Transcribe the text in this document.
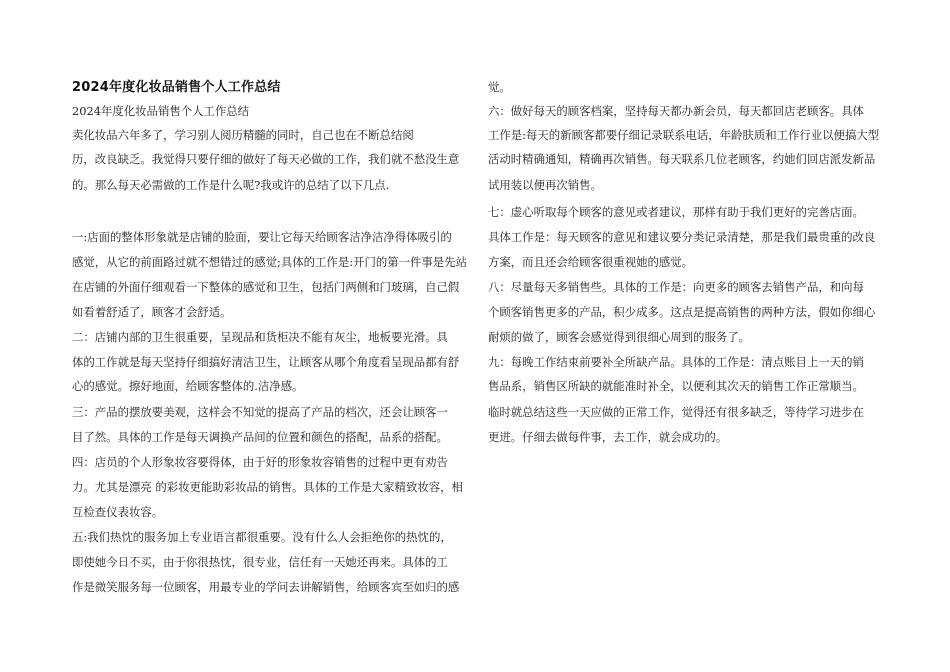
2024年度化妆品销售个人工作总结
2024年度化妆品销售个人工作总结
卖化妆品六年多了，学习别人阅历精髓的同时，自己也在不断总结阅
历，改良缺乏。我觉得只要仔细的做好了每天必做的工作，我们就不愁没生意
的。那么每天必需做的工作是什么呢?我或许的总结了以下几点.
一:店面的整体形象就是店铺的脸面，要让它每天给顾客洁净洁净得体吸引的
感觉，从它的前面路过就不想错过的感觉;具体的工作是:开门的第一件事是先站
在店铺的外面仔细观看一下整体的感觉和卫生，包括门两侧和门玻璃，自己假
如看着舒适了，顾客才会舒适。
二：店铺内部的卫生很重要，呈现品和货柜决不能有灰尘，地板要光滑。具
体的工作就是每天坚持仔细搞好清洁卫生，让顾客从哪个角度看呈现品都有舒
心的感觉。擦好地面，给顾客整体的.洁净感。
三：产品的摆放要美观，这样会不知觉的提高了产品的档次，还会让顾客一
目了然。具体的工作是每天调换产品间的位置和颜色的搭配，品系的搭配。
四：店员的个人形象妆容要得体，由于好的形象妆容销售的过程中更有劝告
力。尤其是漂亮 的彩妆更能助彩妆品的销售。具体的工作是大家精致妆容，相
互检查仪表妆容。
五:我们热忱的服务加上专业语言都很重要。没有什么人会拒绝你的热忱的，
即使她今日不买，由于你很热忱，很专业，信任有一天她还再来。具体的工
作是微笑服务每一位顾客，用最专业的学问去讲解销售，给顾客宾至如归的感
觉。
六：做好每天的顾客档案，坚持每天都办新会员，每天都回店老顾客。具体
工作是:每天的新顾客都要仔细记录联系电话，年龄肤质和工作行业以便搞大型
活动时精确通知，精确再次销售。每天联系几位老顾客，约她们回店派发新品
试用装以便再次销售。
七：虚心听取每个顾客的意见或者建议，那样有助于我们更好的完善店面。
具体工作是：每天顾客的意见和建议要分类记录清楚，那是我们最贵重的改良
方案，而且还会给顾客很重视她的感觉。
八：尽量每天多销售些。具体的工作是：向更多的顾客去销售产品，和向每
个顾客销售更多的产品，积少成多。这点是提高销售的两种方法，假如你细心
耐烦的做了，顾客会感觉得到很细心周到的服务了。
九：每晚工作结束前要补全所缺产品。具体的工作是：清点账目上一天的销
售品系，销售区所缺的就能准时补全，以便利其次天的销售工作正常顺当。
临时就总结这些一天应做的正常工作，觉得还有很多缺乏，等待学习进步在
更进。仔细去做每件事，去工作，就会成功的。
